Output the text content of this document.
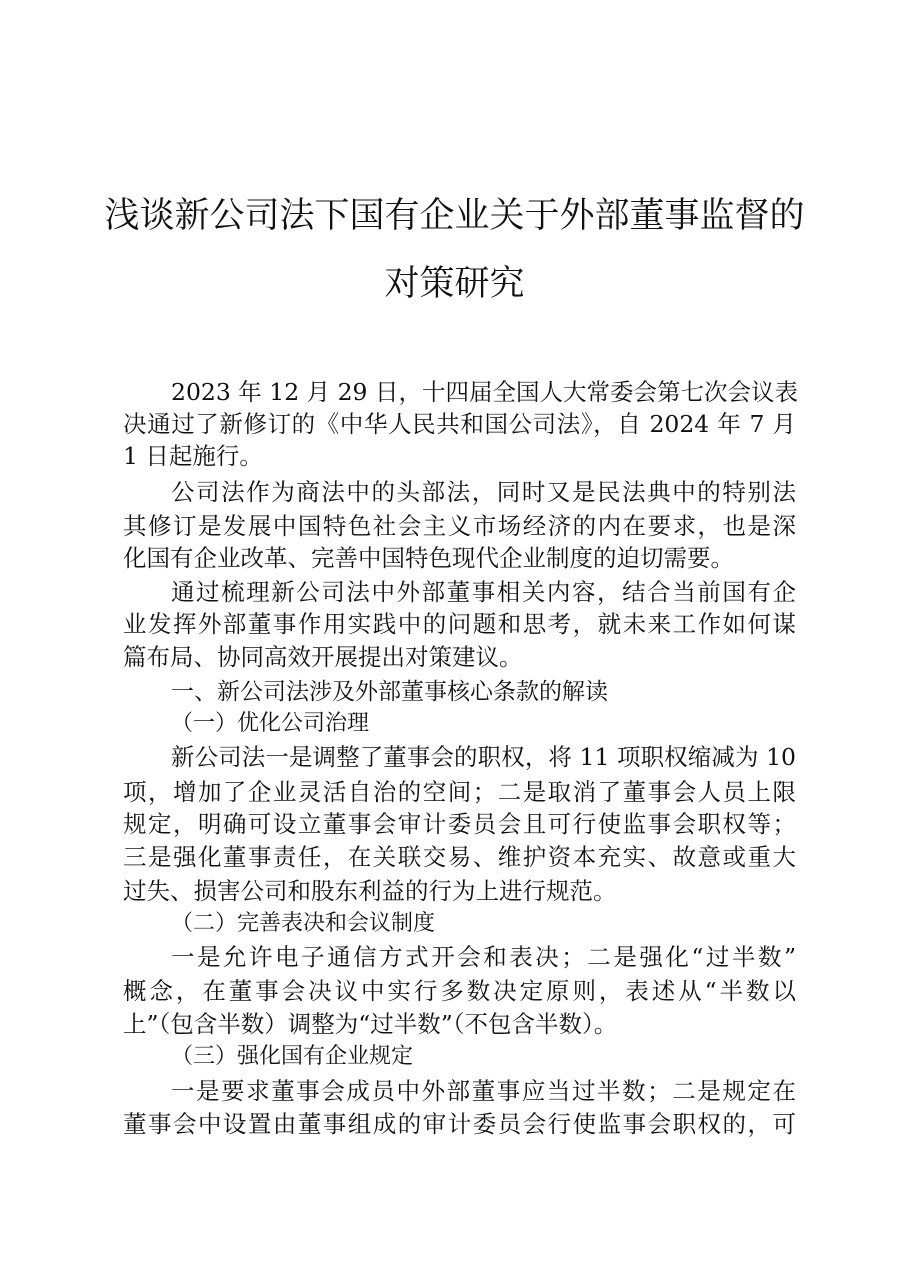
浅谈新公司法下国有企业关于外部董事监督的
对策研究
2023 年 12 月 29 日，十四届全国人大常委会第七次会议表
决通过了新修订的《中华人民共和国公司法》，自 2024 年 7 月
1 日起施行。
公司法作为商法中的头部法，同时又是民法典中的特别法
其修订是发展中国特色社会主义市场经济的内在要求，也是深
化国有企业改革、完善中国特色现代企业制度的迫切需要。
通过梳理新公司法中外部董事相关内容，结合当前国有企
业发挥外部董事作用实践中的问题和思考，就未来工作如何谋
篇布局、协同高效开展提出对策建议。
一、新公司法涉及外部董事核心条款的解读
（一）优化公司治理
新公司法一是调整了董事会的职权，将 11 项职权缩减为 10
项，增加了企业灵活自治的空间；二是取消了董事会人员上限
规定，明确可设立董事会审计委员会且可行使监事会职权等；
三是强化董事责任，在关联交易、维护资本充实、故意或重大
过失、损害公司和股东利益的行为上进行规范。
（二）完善表决和会议制度
一是允许电子通信方式开会和表决；二是强化“过半数”
概念，在董事会决议中实行多数决定原则，表述从“半数以
上”（包含半数）调整为“过半数”（不包含半数）。
（三）强化国有企业规定
一是要求董事会成员中外部董事应当过半数；二是规定在
董事会中设置由董事组成的审计委员会行使监事会职权的，可
